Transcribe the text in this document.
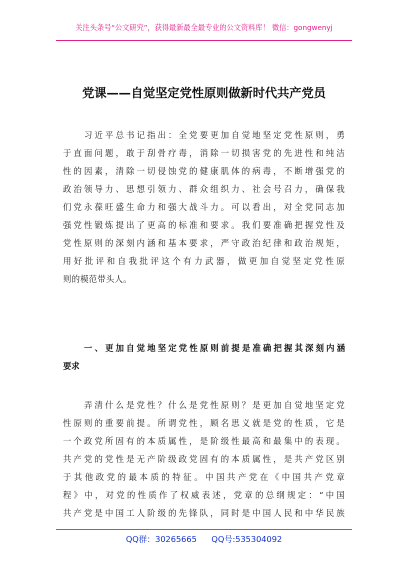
关注头条号“公文研究”，获得最新最全最专业的公文资料库！ 微信：gongwenyj
党课——自觉坚定党性原则做新时代共产党员
　　习近平总书记指出：全党要更加自觉地坚定党性原则，勇
于直面问题，敢于刮骨疗毒，消除一切损害党的先进性和纯洁
性的因素，清除一切侵蚀党的健康肌体的病毒，不断增强党的
政治领导力、思想引领力、群众组织力、社会号召力，确保我
们党永葆旺盛生命力和强大战斗力。可以看出，对全党同志加
强党性锻炼提出了更高的标准和要求。我们要准确把握党性及
党性原则的深刻内涵和基本要求，严守政治纪律和政治规矩，
用好批评和自我批评这个有力武器，做更加自觉坚定党性原
则的模范带头人。
　　一、更加自觉地坚定党性原则前提是准确把握其深刻内涵
要求
　　弄清什么是党性？什么是党性原则？是更加自觉地坚定党
性原则的重要前提。所谓党性，顾名思义就是党的性质，它是
一个政党所固有的本质属性，是阶级性最高和最集中的表现。
共产党的党性是无产阶级政党固有的本质属性，是共产党区别
于其他政党的最本质的特征。中国共产党在《中国共产党章
程》中，对党的性质作了权威表述，党章的总纲规定：“中国
共产党是中国工人阶级的先锋队，同时是中国人民和中华民族
QQ群：30265665 QQ号:535304092
